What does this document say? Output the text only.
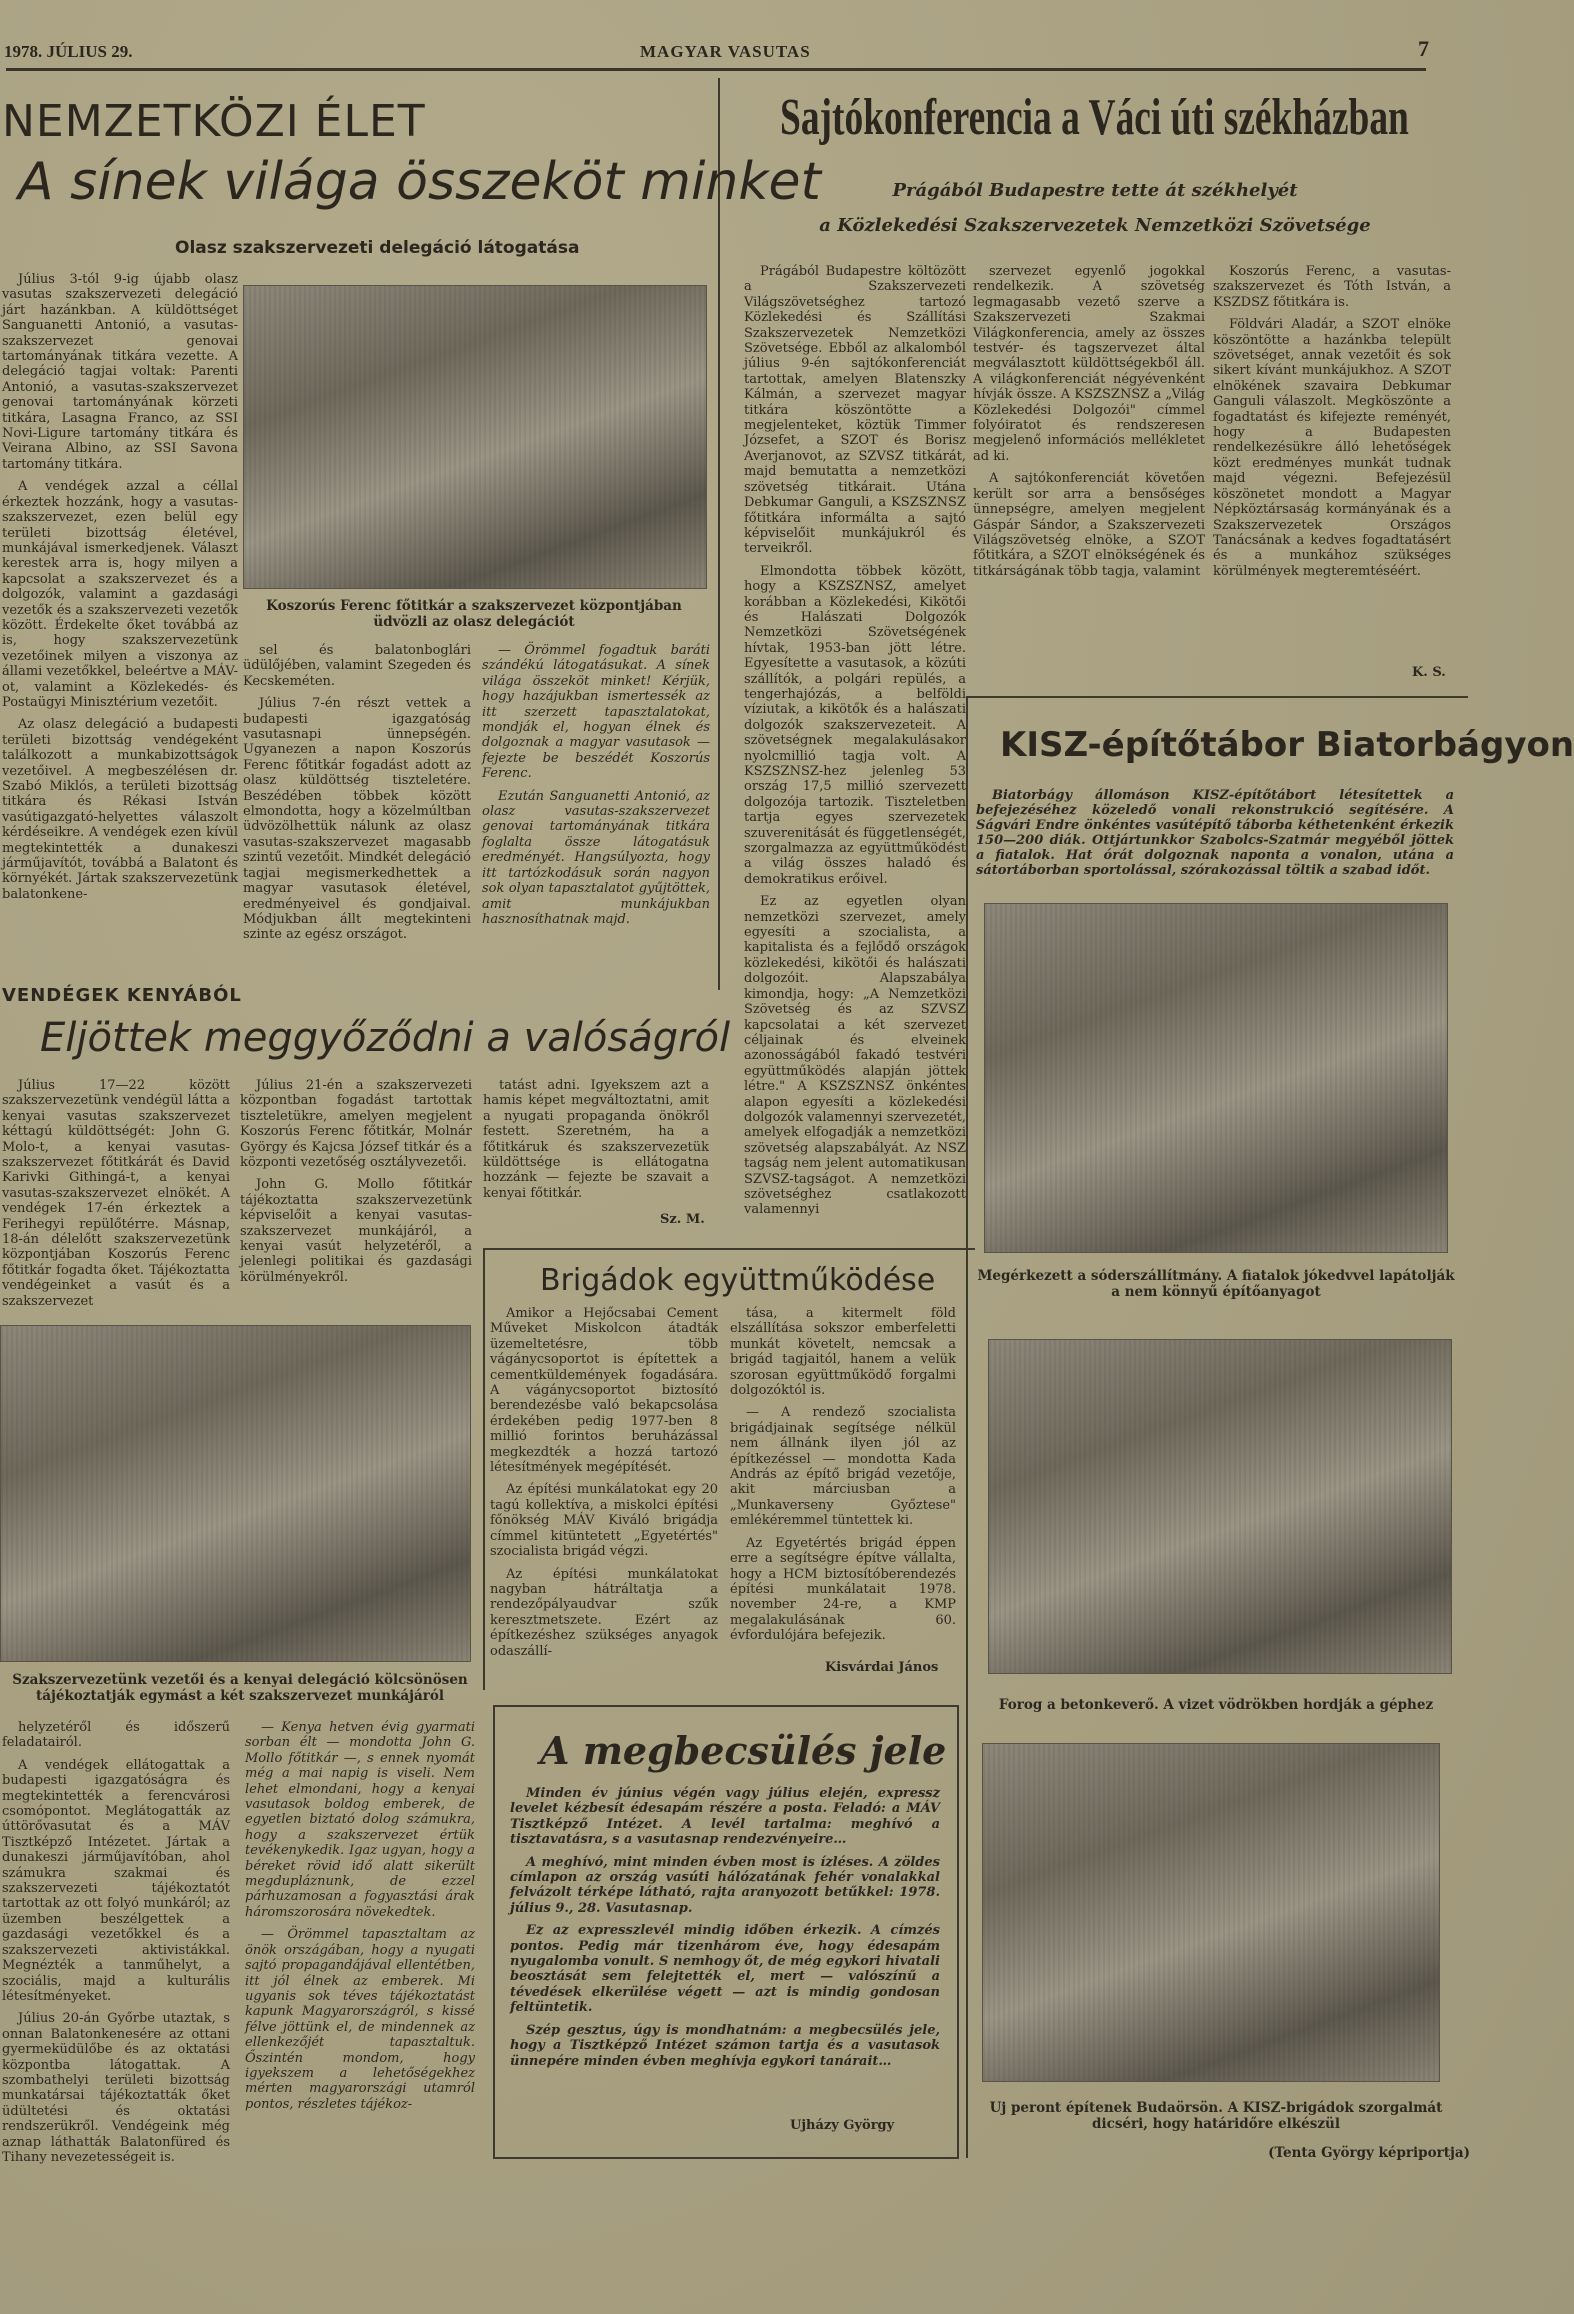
1978. JÚLIUS 29.	MAGYAR VASUTAS	7
NEMZETKÖZI ÉLET
A sínek világa összeköt minket
Olasz szakszervezeti delegáció látogatása

Július 3-tól 9-ig újabb olasz vasutas szakszervezeti delegáció járt hazánkban. A küldöttséget Sanguanetti Antonió, a vasutas-szakszervezet genovai tartományának titkára vezette. A delegáció tagjai voltak: Parenti Antonió, a vasutas-szakszervezet genovai tartományának körzeti titkára, Lasagna Franco, az SSI Novi-Ligure tartomány titkára és Veirana Albino, az SSI Savona tartomány titkára.

A vendégek azzal a céllal érkeztek hozzánk, hogy a vasutas-szakszervezet, ezen belül egy területi bizottság életével, munkájával ismerkedjenek. Választ kerestek arra is, hogy milyen a kapcsolat a szakszervezet és a dolgozók, valamint a gazdasági vezetők és a szakszervezeti vezetők között. Érdekelte őket továbbá az is, hogy szakszervezetünk vezetőinek milyen a viszonya az állami vezetőkkel, beleértve a MÁV-ot, valamint a Közlekedés- és Postaügyi Minisztérium vezetőit.

Az olasz delegáció a budapesti területi bizottság vendégeként találkozott a munkabizottságok vezetőivel. A megbeszélésen dr. Szabó Miklós, a területi bizottság titkára és Rékasi István vasútigazgató-helyettes válaszolt kérdéseikre. A vendégek ezen kívül megtekintették a dunakeszi járműjavítót, továbbá a Balatont és környékét. Jártak szakszervezetünk balatonkene-

Koszorús Ferenc főtitkár a szakszervezet központjában üdvözli az olasz delegációt

sel és balatonboglári üdülőjében, valamint Szegeden és Kecskeméten.

Július 7-én részt vettek a budapesti igazgatóság vasutasnapi ünnepségén. Ugyanezen a napon Koszorús Ferenc főtitkár fogadást adott az olasz küldöttség tiszteletére. Beszédében többek között elmondotta, hogy a közelmúltban üdvözölhettük nálunk az olasz vasutas-szakszervezet magasabb szintű vezetőit. Mindkét delegáció tagjai megismerkedhettek a magyar vasutasok életével, eredményeivel és gondjaival. Módjukban állt megtekinteni szinte az egész országot.

— Örömmel fogadtuk baráti szándékú látogatásukat. A sínek világa összeköt minket! Kérjük, hogy hazájukban ismertessék az itt szerzett tapasztalatokat, mondják el, hogyan élnek és dolgoznak a magyar vasutasok — fejezte be beszédét Koszorús Ferenc.

Ezután Sanguanetti Antonió, az olasz vasutas-szakszervezet genovai tartományának titkára foglalta össze látogatásuk eredményét. Hangsúlyozta, hogy itt tartózkodásuk során nagyon sok olyan tapasztalatot gyűjtöttek, amit munkájukban hasznosíthatnak majd.

Sajtókonferencia a Váci úti székházban
Prágából Budapestre tette át székhelyét
a Közlekedési Szakszervezetek Nemzetközi Szövetsége

Prágából Budapestre költözött a Szakszervezeti Világszövetséghez tartozó Közlekedési és Szállítási Szakszervezetek Nemzetközi Szövetsége. Ebből az alkalomból július 9-én sajtókonferenciát tartottak, amelyen Blatenszky Kálmán, a szervezet magyar titkára köszöntötte a megjelenteket, köztük Timmer Józsefet, a SZOT és Borisz Averjanovot, az SZVSZ titkárát, majd bemutatta a nemzetközi szövetség titkárait. Utána Debkumar Ganguli, a KSZSZNSZ főtitkára informálta a sajtó képviselőit munkájukról és terveikről.

Elmondotta többek között, hogy a KSZSZNSZ, amelyet korábban a Közlekedési, Kikötői és Halászati Dolgozók Nemzetközi Szövetségének hívtak, 1953-ban jött létre. Egyesítette a vasutasok, a közúti szállítók, a polgári repülés, a tengerhajózás, a belföldi víziutak, a kikötők és a halászati dolgozók szakszervezeteit. A szövetségnek megalakulásakor nyolcmillió tagja volt. A KSZSZNSZ-hez jelenleg 53 ország 17,5 millió szervezett dolgozója tartozik. Tiszteletben tartja egyes szervezetek szuverenitását és függetlenségét, szorgalmazza az együttműködést a világ összes haladó és demokratikus erőivel.

Ez az egyetlen olyan nemzetközi szervezet, amely egyesíti a szocialista, a kapitalista és a fejlődő országok közlekedési, kikötői és halászati dolgozóit. Alapszabálya kimondja, hogy: „A Nemzetközi Szövetség és az SZVSZ kapcsolatai a két szervezet céljainak és elveinek azonosságából fakadó testvéri együttműködés alapján jöttek létre." A KSZSZNSZ önkéntes alapon egyesíti a közlekedési dolgozók valamennyi szervezetét, amelyek elfogadják a nemzetközi szövetség alapszabályát. Az NSZ tagság nem jelent automatikusan SZVSZ-tagságot. A nemzetközi szövetséghez csatlakozott valamennyi

szervezet egyenlő jogokkal rendelkezik. A szövetség legmagasabb vezető szerve a Szakszervezeti Szakmai Világkonferencia, amely az összes testvér- és tagszervezet által megválasztott küldöttségekből áll. A világkonferenciát négyévenként hívják össze. A KSZSZNSZ a „Világ Közlekedési Dolgozói" címmel folyóiratot és rendszeresen megjelenő információs mellékletet ad ki.

A sajtókonferenciát követően került sor arra a bensőséges ünnepségre, amelyen megjelent Gáspár Sándor, a Szakszervezeti Világszövetség elnöke, a SZOT főtitkára, a SZOT elnökségének és titkárságának több tagja, valamint

Koszorús Ferenc, a vasutas-szakszervezet és Tóth István, a KSZDSZ főtitkára is.

Földvári Aladár, a SZOT elnöke köszöntötte a hazánkba települt szövetséget, annak vezetőit és sok sikert kívánt munkájukhoz. A SZOT elnökének szavaira Debkumar Ganguli válaszolt. Megköszönte a fogadtatást és kifejezte reményét, hogy a Budapesten rendelkezésükre álló lehetőségek közt eredményes munkát tudnak majd végezni. Befejezésül köszönetet mondott a Magyar Népköztársaság kormányának és a Szakszervezetek Országos Tanácsának a kedves fogadtatásért és a munkához szükséges körülmények megteremtéséért.

K. S.
KISZ-építőtábor Biatorbágyon

Biatorbágy állomáson KISZ-építőtábort létesítettek a befejezéséhez közeledő vonali rekonstrukció segítésére. A Ságvári Endre önkéntes vasútépítő táborba kéthetenként érkezik 150—200 diák. Ottjártunkkor Szabolcs-Szatmár megyéből jöttek a fiatalok. Hat órát dolgoznak naponta a vonalon, utána a sátortáborban sportolással, szórakozással töltik a szabad időt.

Megérkezett a sóderszállítmány. A fiatalok jókedvvel lapátolják a nem könnyű építőanyagot
Forog a betonkeverő. A vizet vödrökben hordják a géphez
Uj peront építenek Budaörsön. A KISZ-brigádok szorgalmát dicséri, hogy határidőre elkészül
(Tenta György képriportja)
VENDÉGEK KENYÁBÓL
Eljöttek meggyőződni a valóságról

Július 17—22 között szakszervezetünk vendégül látta a kenyai vasutas szakszervezet kéttagú küldöttségét: John G. Molo-t, a kenyai vasutas-szakszervezet főtitkárát és David Karivki Githingá-t, a kenyai vasutas-szakszervezet elnökét. A vendégek 17-én érkeztek a Ferihegyi repülőtérre. Másnap, 18-án délelőtt szakszervezetünk központjában Koszorús Ferenc főtitkár fogadta őket. Tájékoztatta vendégeinket a vasút és a szakszervezet

Július 21-én a szakszervezeti központban fogadást tartottak tiszteletükre, amelyen megjelent Koszorús Ferenc főtitkár, Molnár György és Kajcsa József titkár és a központi vezetőség osztályvezetői.

John G. Mollo főtitkár tájékoztatta szakszervezetünk képviselőit a kenyai vasutas-szakszervezet munkájáról, a kenyai vasút helyzetéről, a jelenlegi politikai és gazdasági körülményekről.

tatást adni. Igyekszem azt a hamis képet megváltoztatni, amit a nyugati propaganda önökről festett. Szeretném, ha a főtitkáruk és szakszervezetük küldöttsége is ellátogatna hozzánk — fejezte be szavait a kenyai főtitkár.

Sz. M.
Szakszervezetünk vezetői és a kenyai delegáció kölcsönösen tájékoztatják egymást a két szakszervezet munkájáról

helyzetéről és időszerű feladatairól.

A vendégek ellátogattak a budapesti igazgatóságra és megtekintették a ferencvárosi csomópontot. Meglátogatták az úttörővasutat és a MÁV Tisztképző Intézetet. Jártak a dunakeszi járműjavítóban, ahol számukra szakmai és szakszervezeti tájékoztatót tartottak az ott folyó munkáról; az üzemben beszélgettek a gazdasági vezetőkkel és a szakszervezeti aktivistákkal. Megnézték a tanműhelyt, a szociális, majd a kulturális létesítményeket.

Július 20-án Győrbe utaztak, s onnan Balatonkenesére az ottani gyermeküdülőbe és az oktatási központba látogattak. A szombathelyi területi bizottság munkatársai tájékoztatták őket üdültetési és oktatási rendszerükről. Vendégeink még aznap láthatták Balatonfüred és Tihany nevezetességeit is.

— Kenya hetven évig gyarmati sorban élt — mondotta John G. Mollo főtitkár —, s ennek nyomát még a mai napig is viseli. Nem lehet elmondani, hogy a kenyai vasutasok boldog emberek, de egyetlen biztató dolog számukra, hogy a szakszervezet értük tevékenykedik. Igaz ugyan, hogy a béreket rövid idő alatt sikerült megdupláznunk, de ezzel párhuzamosan a fogyasztási árak háromszorosára növekedtek.

— Örömmel tapasztaltam az önök országában, hogy a nyugati sajtó propagandájával ellentétben, itt jól élnek az emberek. Mi ugyanis sok téves tájékoztatást kapunk Magyarországról, s kissé félve jöttünk el, de mindennek az ellenkezőjét tapasztaltuk. Őszintén mondom, hogy igyekszem a lehetőségekhez mérten magyarországi utamról pontos, részletes tájékoz-

Brigádok együttműködése

Amikor a Hejőcsabai Cement Műveket Miskolcon átadták üzemeltetésre, több vágánycsoportot is építettek a cementküldemények fogadására. A vágánycsoportot biztosító berendezésbe való bekapcsolása érdekében pedig 1977-ben 8 millió forintos beruházással megkezdték a hozzá tartozó létesítmények megépítését.

Az építési munkálatokat egy 20 tagú kollektíva, a miskolci építési főnökség MÁV Kiváló brigádja címmel kitüntetett „Egyetértés" szocialista brigád végzi.

Az építési munkálatokat nagyban hátráltatja a rendezőpályaudvar szűk keresztmetszete. Ezért az építkezéshez szükséges anyagok odaszállí-

tása, a kitermelt föld elszállítása sokszor emberfeletti munkát követelt, nemcsak a brigád tagjaitól, hanem a velük szorosan együttműködő forgalmi dolgozóktól is.

— A rendező szocialista brigádjainak segítsége nélkül nem állnánk ilyen jól az építkezéssel — mondotta Kada András az építő brigád vezetője, akit márciusban a „Munkaverseny Győztese" emlékéremmel tüntettek ki.

Az Egyetértés brigád éppen erre a segítségre építve vállalta, hogy a HCM biztosítóberendezés építési munkálatait 1978. november 24-re, a KMP megalakulásának 60. évfordulójára befejezik.

Kisvárdai János
A megbecsülés jele

Minden év június végén vagy július elején, expressz levelet kézbesít édesapám részére a posta. Feladó: a MÁV Tisztképző Intézet. A levél tartalma: meghívó a tisztavatásra, s a vasutasnap rendezvényeire…

A meghívó, mint minden évben most is ízléses. A zöldes címlapon az ország vasúti hálózatának fehér vonalakkal felvázolt térképe látható, rajta aranyozott betűkkel: 1978. július 9., 28. Vasutasnap.

Ez az expresszlevél mindig időben érkezik. A címzés pontos. Pedig már tizenhárom éve, hogy édesapám nyugalomba vonult. S nemhogy őt, de még egykori hivatali beosztását sem felejtették el, mert — valószínű a tévedések elkerülése végett — azt is mindig gondosan feltüntetik.

Szép gesztus, úgy is mondhatnám: a megbecsülés jele, hogy a Tisztképző Intézet számon tartja és a vasutasok ünnepére minden évben meghívja egykori tanárait…

Ujházy György
